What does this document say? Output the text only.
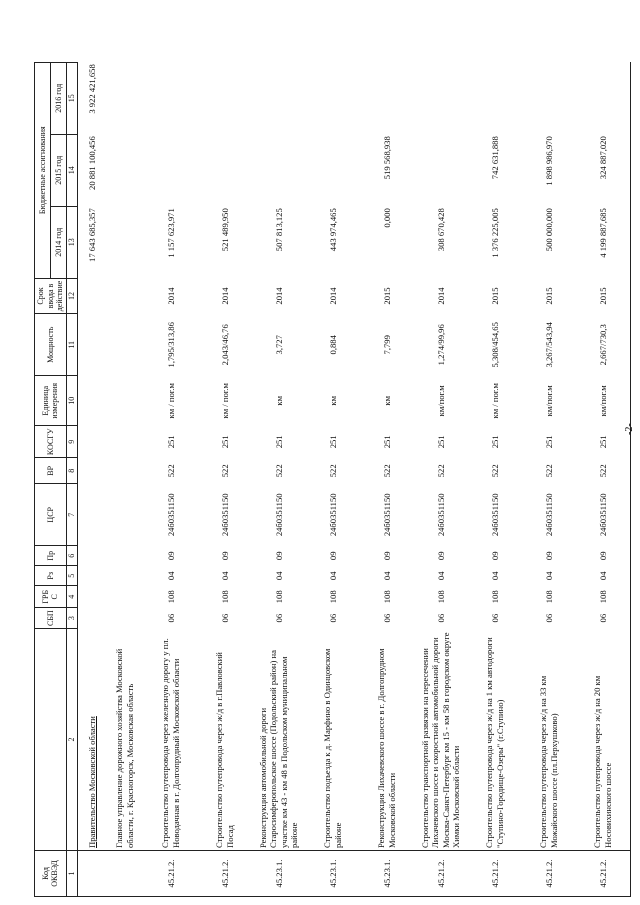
Код ОКВЭД		СБП	ГРБ С	Рз	Пр	ЦСР	ВР	КОСГУ	Единица измерения	Мощность	Срок ввода в действие	Бюджетные ассигнования		
												2014 год	2015 год	2016 год
1	2	3	4	5	6	7	8	9	10	11	12	13	14	15
	Правительство Московской области											17 643 685,357	20 881 100,456	3 922 421,658
	Главное управление дорожного хозяйства Московской области, г. Красногорск, Московская область													
45.21.2.	Строительство путепровода через железную дорогу у пл. Новодачная в г. Долгопрудный Московской области	06	108	04	09	24б0351150	522	251	км / пог.м	1,795/313,86	2014	1 157 623,971		
45.21.2.	Строительство путепровода через ж/д в г.Павловский Посад	06	108	04	09	24б0351150	522	251	км / пог.м	2,043/46,76	2014	521 489,950		
45.23.1.	Реконструкция автомобильной дороги Старосимферопольское шоссе (Подольский район) на участке км 43 - км 48 в Подольском муниципальном районе	06	108	04	09	24б0351150	522	251	км	3,727	2014	507 813,125		
45.23.1.	Строительство подъезда к д. Марфино в Одинцовском районе	06	108	04	09	24б0351150	522	251	км	0,884	2014	443 974,465		
45.23.1.	Реконструкция Лихачевского шоссе в г. Долгопрудном Московской области	06	108	04	09	24б0351150	522	251	км	7,799	2015	0,000	519 568,938	
45.21.2.	Строительство транспортной развязки на пересечении Лихачевского шоссе и скоростной автомобильной дороги Москва-Санкт-Петербург км 15 - км 58 в городском округе Химки Московской области	06	108	04	09	24б0351150	522	251	км/пог.м	1,274/99,96	2014	308 670,428		
45.21.2.	Строительство путепровода через ж/д на 1 км автодороги "Ступино-Городище-Озеры" (г.Ступино)	06	108	04	09	24б0351150	522	251	км / пог.м	5,308/454,65	2015	1 376 225,005	742 631,888	
45.21.2.	Строительство путепровода через ж/д на 33 км Можайского шоссе (пл.Перхушково)	06	108	04	09	24б0351150	522	251	км/пог.м	3,267/543,94	2015	500 000,000	1 898 986,970	
45.21.2.	Строительство путепровода через ж/д на 20 км Носовихинского шоссе	06	108	04	09	24б0351150	522	251	км/пог.м	2,667/730,3	2015	4 199 887,685	324 887,020	
-2-
